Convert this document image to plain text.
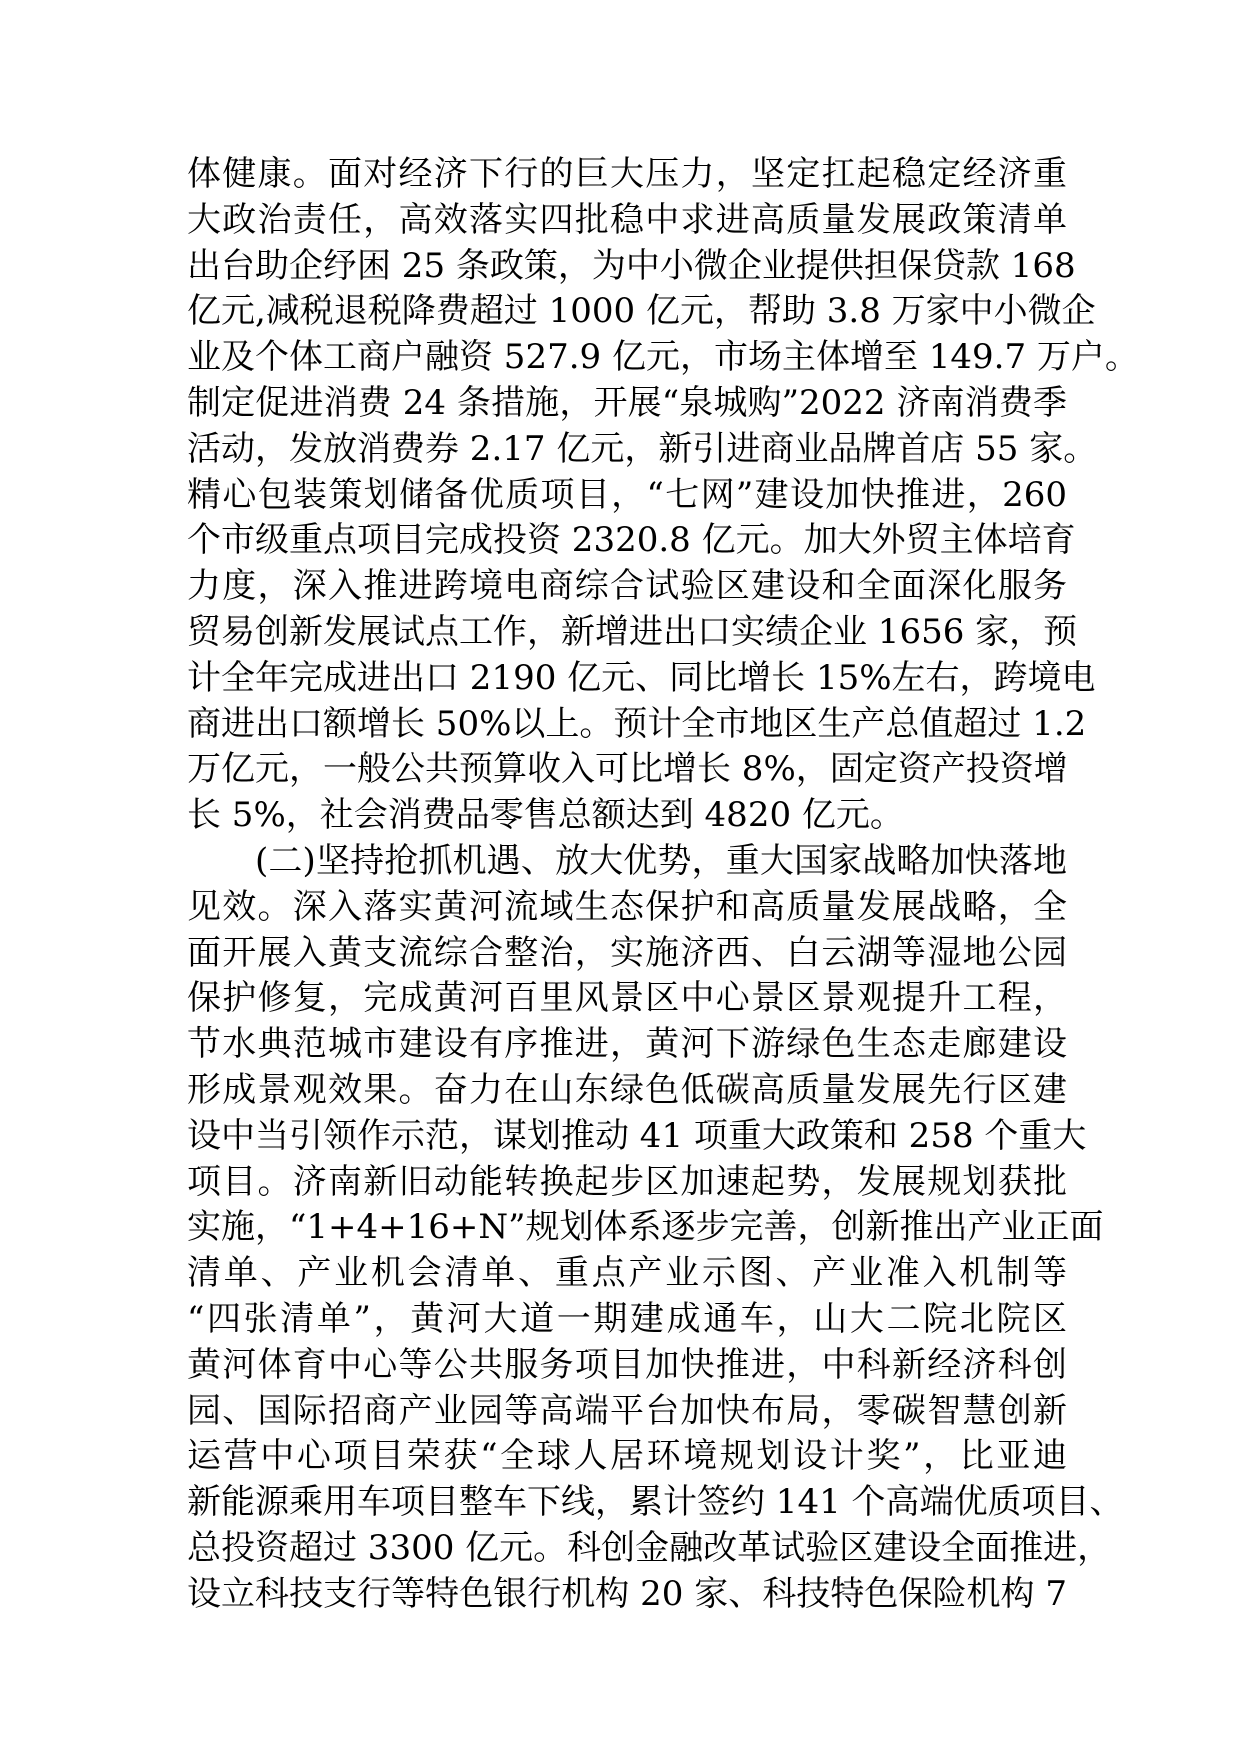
体健康。面对经济下行的巨大压力，坚定扛起稳定经济重
大政治责任，高效落实四批稳中求进高质量发展政策清单
出台助企纾困 25 条政策，为中小微企业提供担保贷款 168
亿元,减税退税降费超过 1000 亿元，帮助 3.8 万家中小微企
业及个体工商户融资 527.9 亿元，市场主体增至 149.7 万户。
制定促进消费 24 条措施，开展“泉城购”2022 济南消费季
活动，发放消费券 2.17 亿元，新引进商业品牌首店 55 家。
精心包装策划储备优质项目，“七网”建设加快推进，260
个市级重点项目完成投资 2320.8 亿元。加大外贸主体培育
力度，深入推进跨境电商综合试验区建设和全面深化服务
贸易创新发展试点工作，新增进出口实绩企业 1656 家，预
计全年完成进出口 2190 亿元、同比增长 15%左右，跨境电
商进出口额增长 50%以上。预计全市地区生产总值超过 1.2
万亿元，一般公共预算收入可比增长 8%，固定资产投资增
长 5%，社会消费品零售总额达到 4820 亿元。
(二)坚持抢抓机遇、放大优势，重大国家战略加快落地
见效。深入落实黄河流域生态保护和高质量发展战略，全
面开展入黄支流综合整治，实施济西、白云湖等湿地公园
保护修复，完成黄河百里风景区中心景区景观提升工程，
节水典范城市建设有序推进，黄河下游绿色生态走廊建设
形成景观效果。奋力在山东绿色低碳高质量发展先行区建
设中当引领作示范，谋划推动 41 项重大政策和 258 个重大
项目。济南新旧动能转换起步区加速起势，发展规划获批
实施，“1+4+16+N”规划体系逐步完善，创新推出产业正面
清单、产业机会清单、重点产业示图、产业准入机制等
“四张清单”，黄河大道一期建成通车，山大二院北院区
黄河体育中心等公共服务项目加快推进，中科新经济科创
园、国际招商产业园等高端平台加快布局，零碳智慧创新
运营中心项目荣获“全球人居环境规划设计奖”，比亚迪
新能源乘用车项目整车下线，累计签约 141 个高端优质项目、
总投资超过 3300 亿元。科创金融改革试验区建设全面推进，
设立科技支行等特色银行机构 20 家、科技特色保险机构 7
